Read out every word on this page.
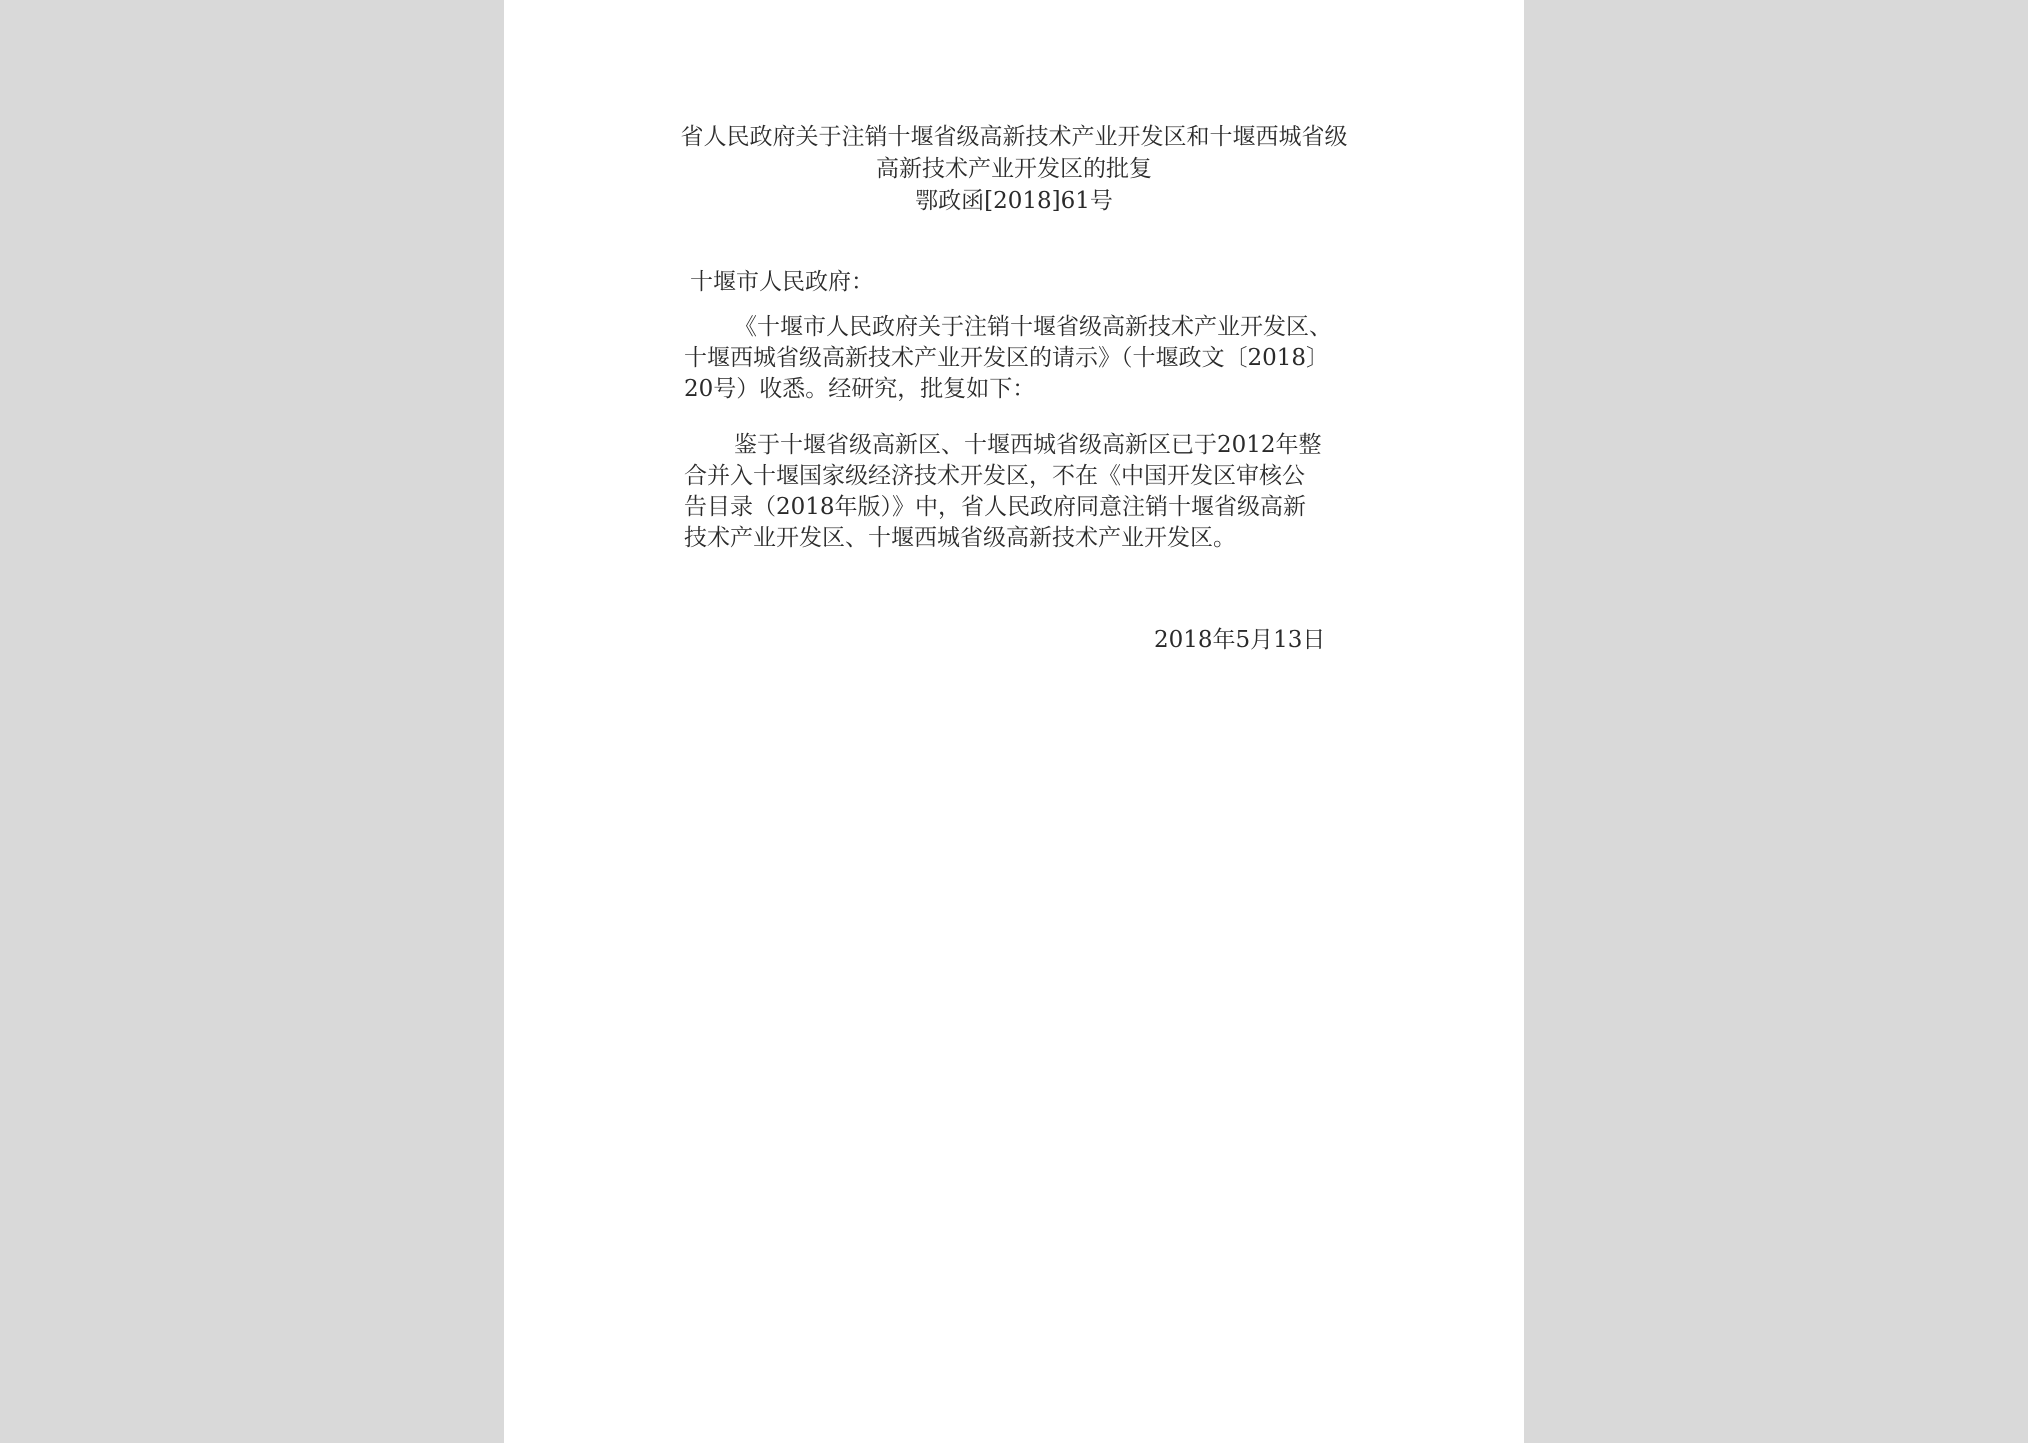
省人民政府关于注销十堰省级高新技术产业开发区和十堰西城省级
高新技术产业开发区的批复
鄂政函[2018]61号
十堰市人民政府：
《十堰市人民政府关于注销十堰省级高新技术产业开发区、
十堰西城省级高新技术产业开发区的请示》（十堰政文〔2018〕
20号）收悉。经研究，批复如下：
鉴于十堰省级高新区、十堰西城省级高新区已于2012年整
合并入十堰国家级经济技术开发区，不在《中国开发区审核公
告目录（2018年版）》中，省人民政府同意注销十堰省级高新
技术产业开发区、十堰西城省级高新技术产业开发区。
2018年5月13日
